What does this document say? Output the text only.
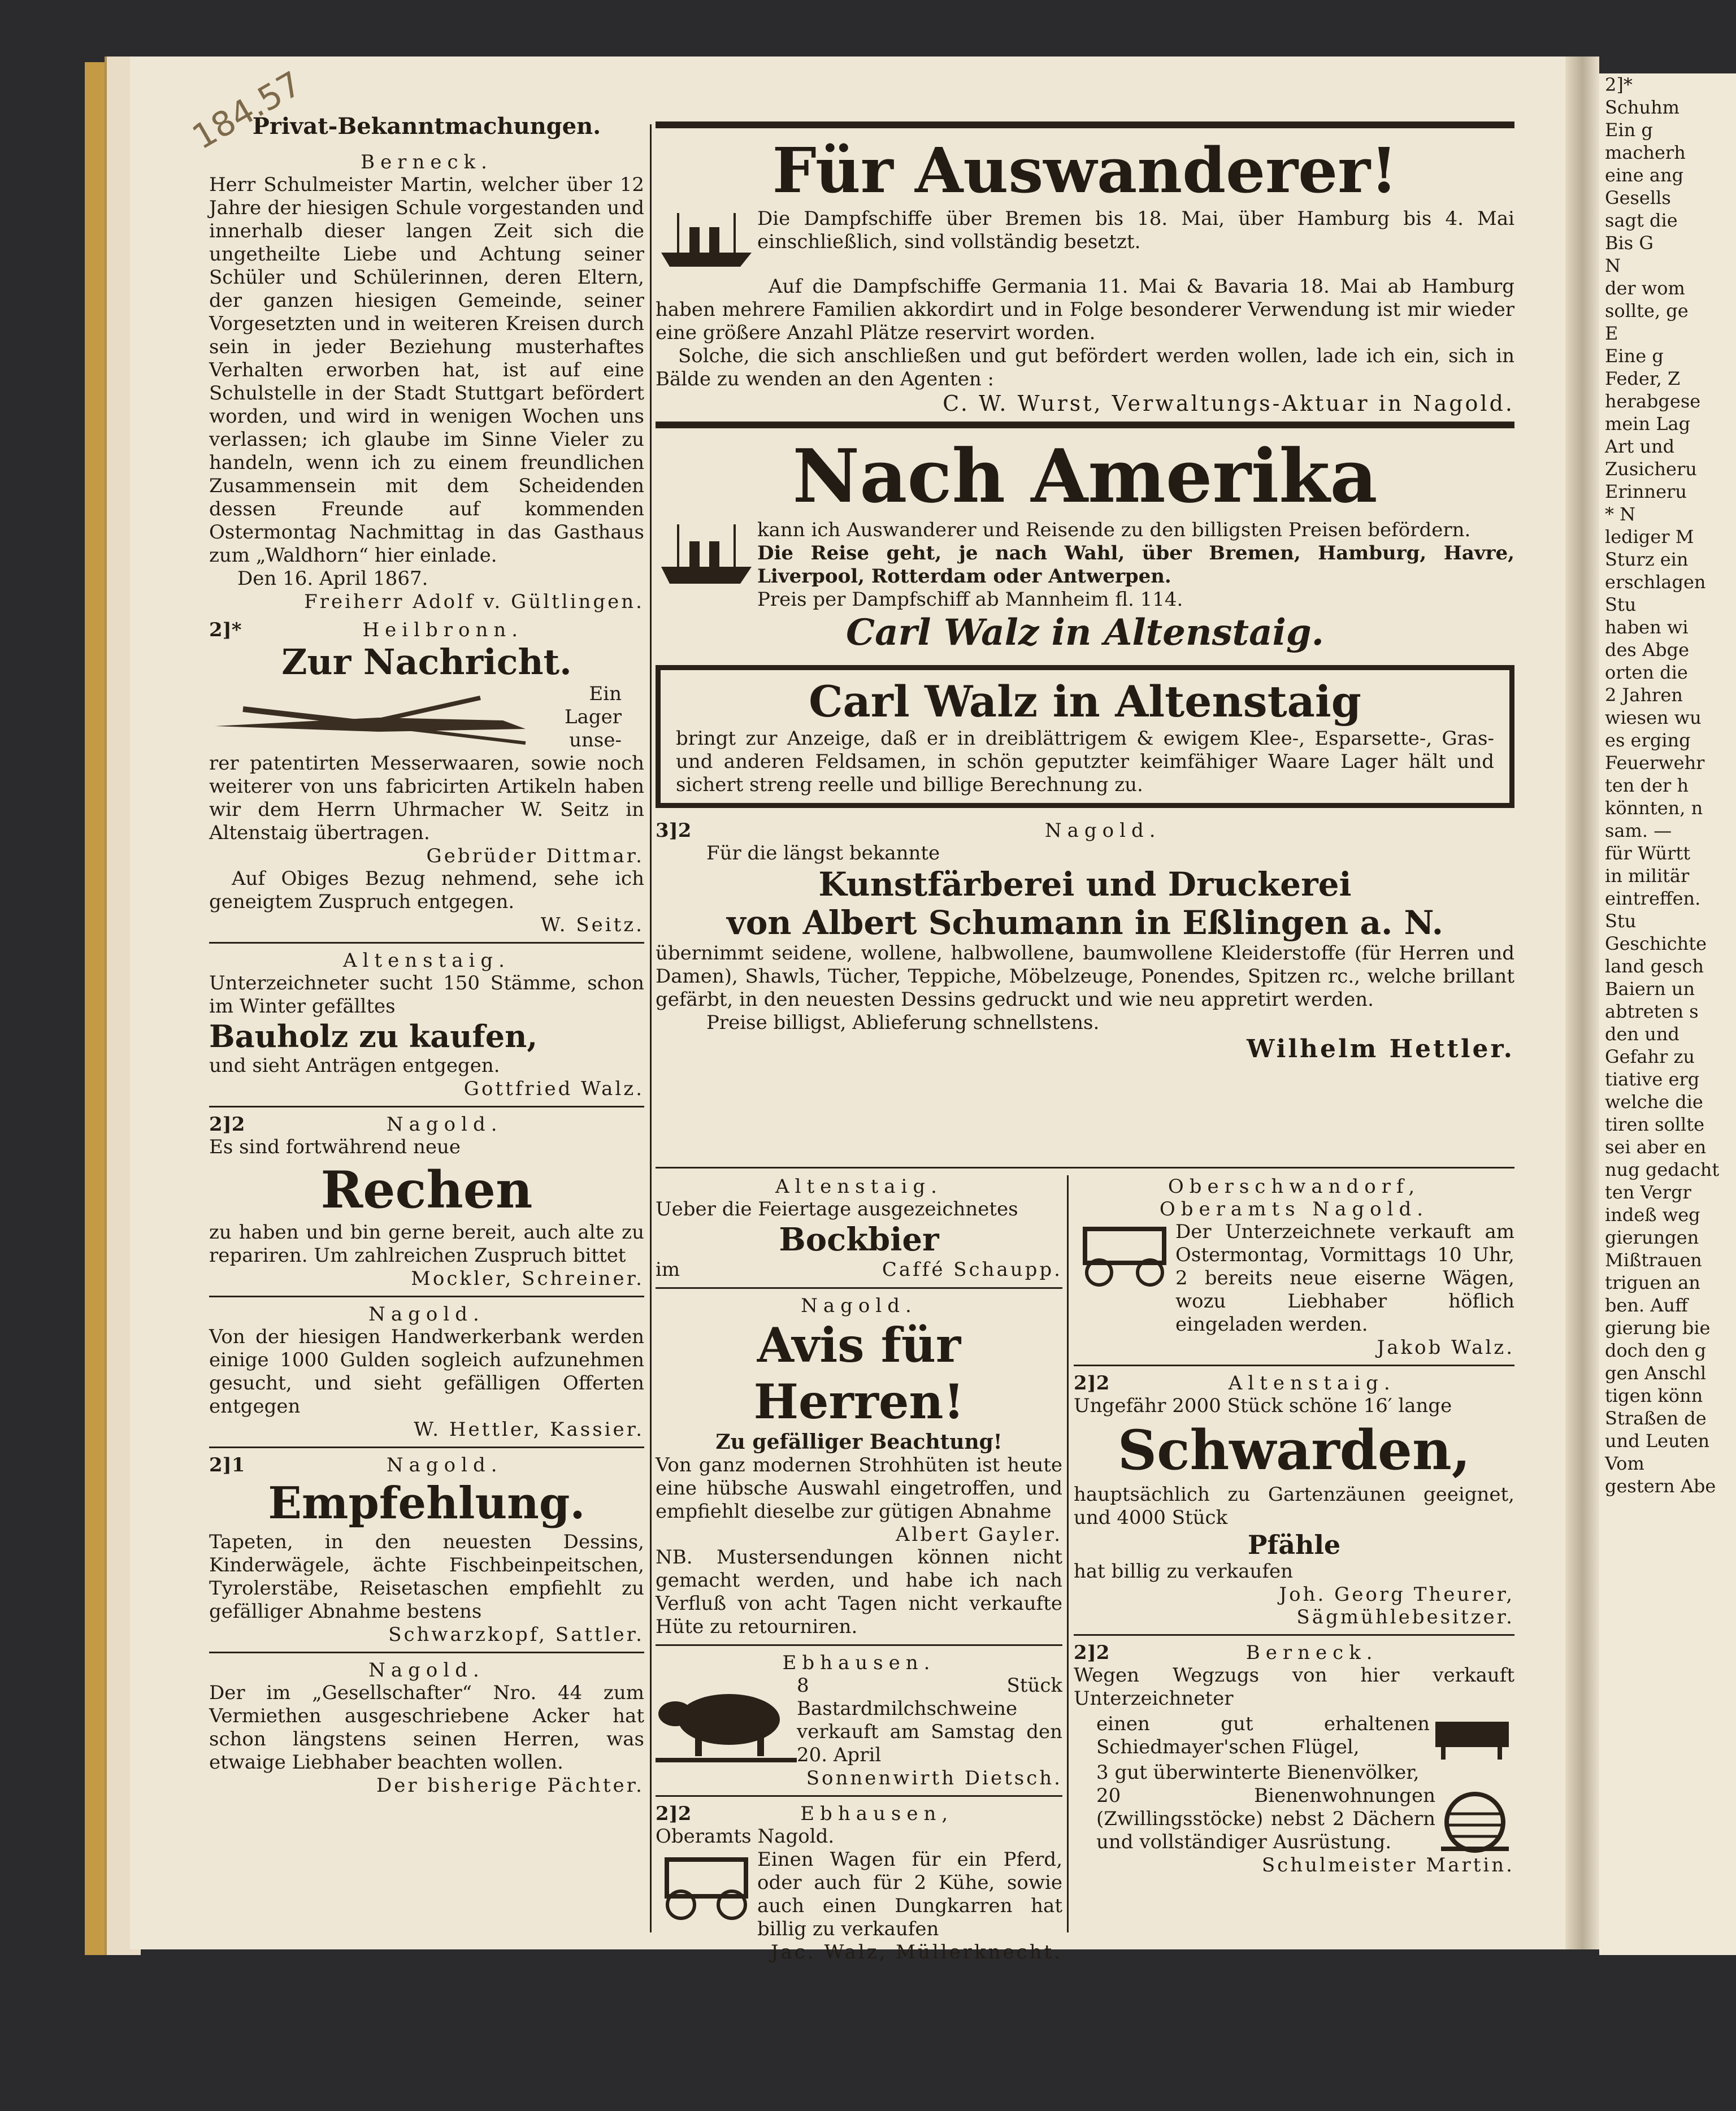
184.57

Privat-Bekanntmachungen.

Berneck.

Herr Schulmeister Martin, welcher über 12 Jahre der hiesigen Schule vorgestanden und innerhalb dieser langen Zeit sich die ungetheilte Liebe und Achtung seiner Schüler und Schülerinnen, deren Eltern, der ganzen hiesigen Gemeinde, seiner Vorgesetzten und in weiteren Kreisen durch sein in jeder Beziehung musterhaftes Verhalten erworben hat, ist auf eine Schulstelle in der Stadt Stuttgart befördert worden, und wird in wenigen Wochen uns verlassen; ich glaube im Sinne Vieler zu handeln, wenn ich zu einem freundlichen Zusammensein mit dem Scheidenden dessen Freunde auf kommenden Ostermontag Nachmittag in das Gasthaus zum „Waldhorn“ hier einlade.

Den 16. April 1867.

Freiherr Adolf v. Gültlingen.

2]*	Heilbronn.

Zur Nachricht.

Ein Lager unse-

rer patentirten Messerwaaren, sowie noch weiterer von uns fabricirten Artikeln haben wir dem Herrn Uhrmacher W. Seitz in Altenstaig übertragen.

Gebrüder Dittmar.

Auf Obiges Bezug nehmend, sehe ich geneigtem Zuspruch entgegen.

W. Seitz.

Altenstaig.

Unterzeichneter sucht 150 Stämme, schon im Winter gefälltes

Bauholz zu kaufen,

und sieht Anträgen entgegen.

Gottfried Walz.

2]2	Nagold.

Es sind fortwährend neue

Rechen

zu haben und bin gerne bereit, auch alte zu repariren. Um zahlreichen Zuspruch bittet

Mockler, Schreiner.

Nagold.

Von der hiesigen Handwerkerbank werden einige 1000 Gulden sogleich aufzunehmen gesucht, und sieht gefälligen Offerten entgegen

W. Hettler, Kassier.

2]1	Nagold.

Empfehlung.

Tapeten, in den neuesten Dessins, Kinderwägele, ächte Fischbeinpeitschen, Tyrolerstäbe, Reisetaschen empfiehlt zu gefälliger Abnahme bestens

Schwarzkopf, Sattler.

Nagold.

Der im „Gesellschafter“ Nro. 44 zum Vermiethen ausgeschriebene Acker hat schon längstens seinen Herren, was etwaige Liebhaber beachten wollen.

Der bisherige Pächter.

Für Auswanderer!

Die Dampfschiffe über Bremen bis 18. Mai, über Hamburg bis 4. Mai einschließlich, sind vollständig besetzt.

Auf die Dampfschiffe Germania 11. Mai & Bavaria 18. Mai ab Hamburg haben mehrere Familien akkordirt und in Folge besonderer Verwendung ist mir wieder eine größere Anzahl Plätze reservirt worden.

Solche, die sich anschließen und gut befördert werden wollen, lade ich ein, sich in Bälde zu wenden an den Agenten :

C. W. Wurst, Verwaltungs-Aktuar in Nagold.

Nach Amerika

kann ich Auswanderer und Reisende zu den billigsten Preisen befördern.

Die Reise geht, je nach Wahl, über Bremen, Hamburg, Havre, Liverpool, Rotterdam oder Antwerpen.

Preis per Dampfschiff ab Mannheim fl. 114.

Carl Walz in Altenstaig.

Carl Walz in Altenstaig

bringt zur Anzeige, daß er in dreiblättrigem & ewigem Klee-, Esparsette-, Gras- und anderen Feldsamen, in schön geputzter keimfähiger Waare Lager hält und sichert streng reelle und billige Berechnung zu.

3]2	Nagold.

Für die längst bekannte

Kunstfärberei und Druckerei

von Albert Schumann in Eßlingen a. N.

übernimmt seidene, wollene, halbwollene, baumwollene Kleiderstoffe (für Herren und Damen), Shawls, Tücher, Teppiche, Möbelzeuge, Ponendes, Spitzen rc., welche brillant gefärbt, in den neuesten Dessins gedruckt und wie neu appretirt werden.

Preise billigst, Ablieferung schnellstens.

Wilhelm Hettler.

Altenstaig.

Ueber die Feiertage ausgezeichnetes

Bockbier

im	Caffé Schaupp.

Nagold.

Avis für Herren!

Zu gefälliger Beachtung!

Von ganz modernen Strohhüten ist heute eine hübsche Auswahl eingetroffen, und empfiehlt dieselbe zur gütigen Abnahme

Albert Gayler.

NB. Mustersendungen können nicht gemacht werden, und habe ich nach Verfluß von acht Tagen nicht verkaufte Hüte zu retourniren.

Ebhausen.

8 Stück Bastardmilchschweine verkauft am Samstag den 20. April

Sonnenwirth Dietsch.

2]2	Ebhausen,

Oberamts Nagold.

Einen Wagen für ein Pferd, oder auch für 2 Kühe, sowie auch einen Dungkarren hat billig zu verkaufen

Jac. Walz, Müllerknecht.

Oberschwandorf,

Oberamts Nagold.

Der Unterzeichnete verkauft am Ostermontag, Vormittags 10 Uhr, 2 bereits neue eiserne Wägen, wozu Liebhaber höflich eingeladen werden.

Jakob Walz.

2]2	Altenstaig.

Ungefähr 2000 Stück schöne 16′ lange

Schwarden,

hauptsächlich zu Gartenzäunen geeignet, und 4000 Stück

Pfähle

hat billig zu verkaufen

Joh. Georg Theurer,

Sägmühlebesitzer.

2]2	Berneck.

Wegen Wegzugs von hier verkauft Unterzeichneter

einen gut erhaltenen Schiedmayer'schen Flügel,

3 gut überwinterte Bienenvölker,

20 Bienenwohnungen (Zwillingsstöcke) nebst 2 Dächern und vollständiger Ausrüstung.

Schulmeister Martin.

2]*

Schuhm

Ein g

macherh

eine ang

Gesells

sagt die

Bis G

N

der wom

sollte, ge

E

Eine g

Feder, Z

herabgese

mein Lag

Art und

Zusicheru

Erinneru

* N

lediger M

Sturz ein

erschlagen

Stu

haben wi

des Abge

orten die

2 Jahren

wiesen wu

es erging

Feuerwehr

ten der h

könnten, n

sam. —

für Württ

in militär

eintreffen.

Stu

Geschichte

land gesch

Baiern un

abtreten s

den und

Gefahr zu

tiative erg

welche die

tiren sollte

sei aber en

nug gedacht

ten Vergr

indeß weg

gierungen

Mißtrauen

triguen an

ben. Auff

gierung bie

doch den g

gen Anschl

tigen könn

Straßen de

und Leuten

Vom

gestern Abe
